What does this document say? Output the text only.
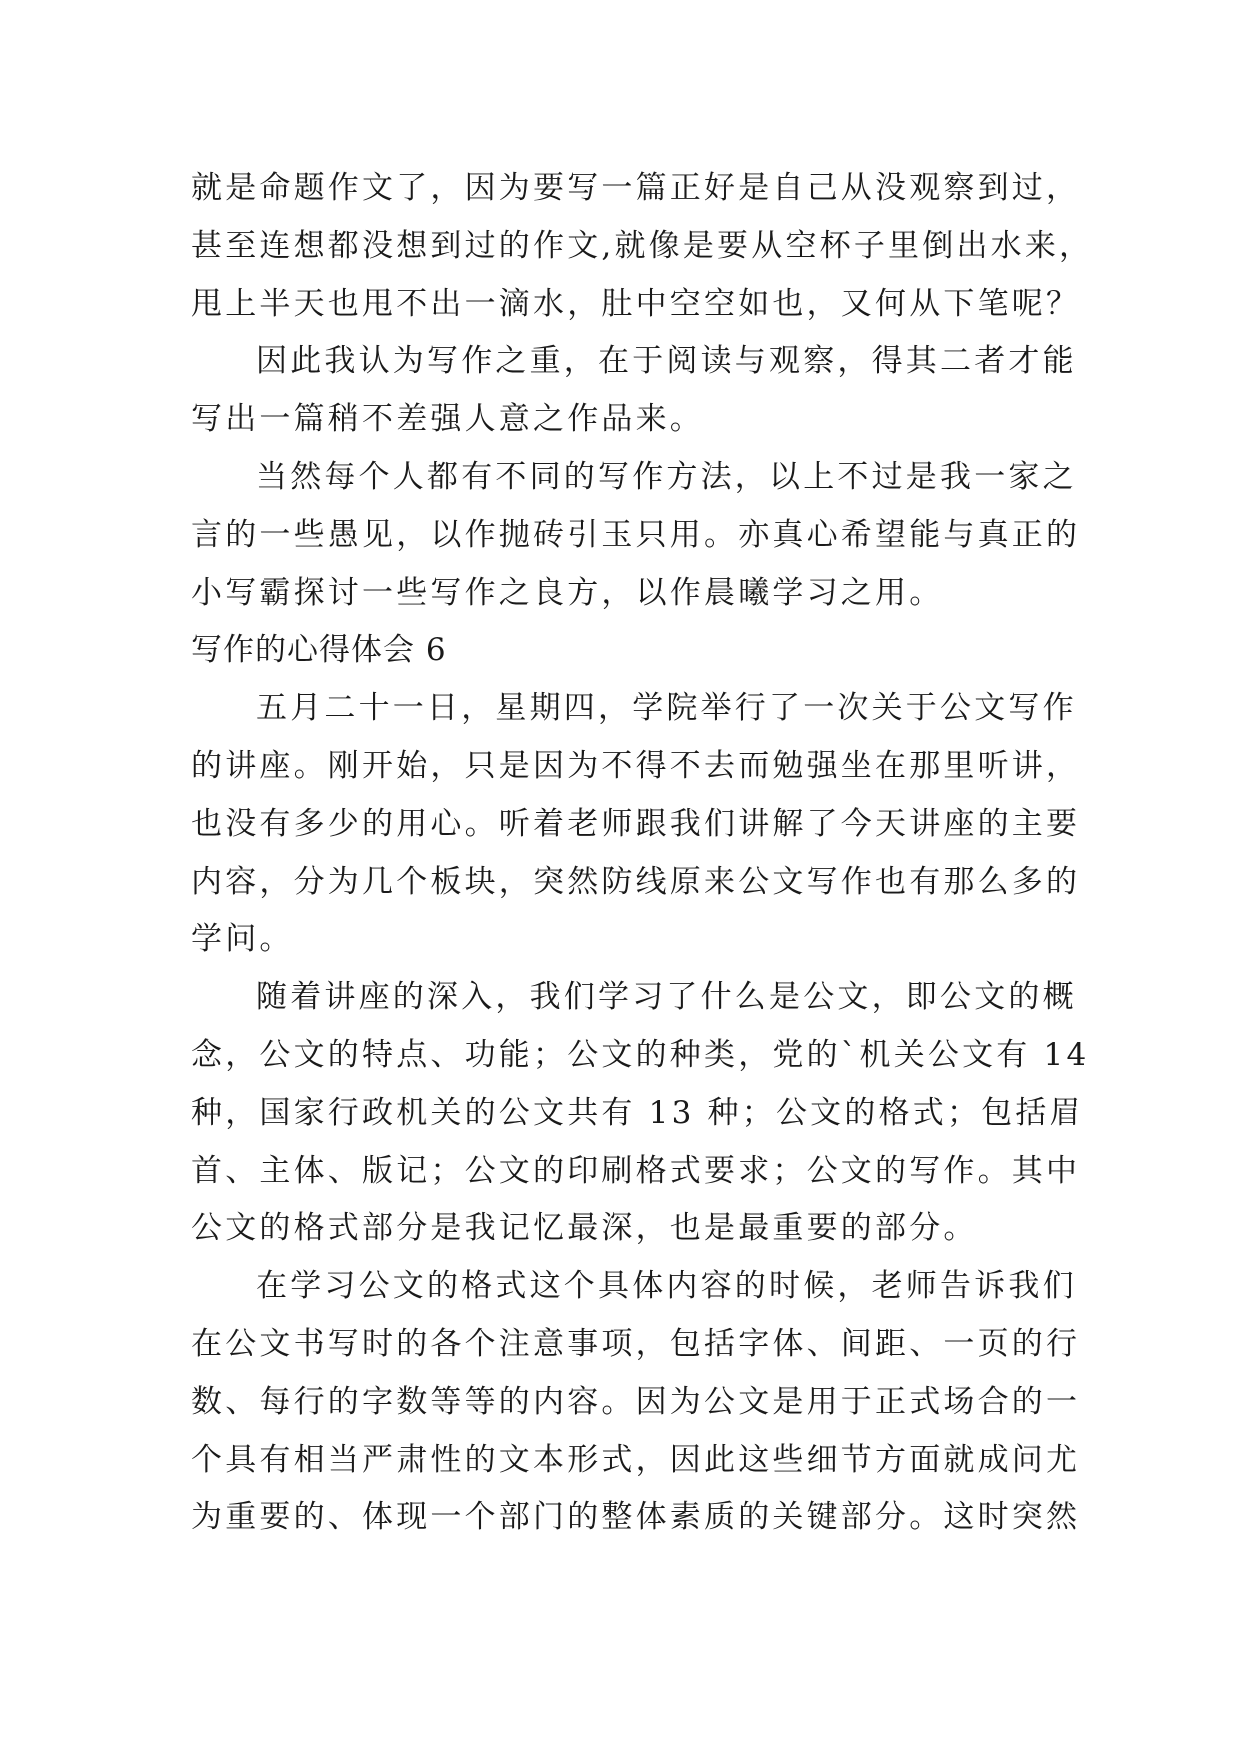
就是命题作文了，因为要写一篇正好是自己从没观察到过，
甚至连想都没想到过的作文,就像是要从空杯子里倒出水来，
甩上半天也甩不出一滴水，肚中空空如也，又何从下笔呢？
因此我认为写作之重，在于阅读与观察，得其二者才能
写出一篇稍不差强人意之作品来。
当然每个人都有不同的写作方法，以上不过是我一家之
言的一些愚见，以作抛砖引玉只用。亦真心希望能与真正的
小写霸探讨一些写作之良方，以作晨曦学习之用。
写作的心得体会 6
五月二十一日，星期四，学院举行了一次关于公文写作
的讲座。刚开始，只是因为不得不去而勉强坐在那里听讲，
也没有多少的用心。听着老师跟我们讲解了今天讲座的主要
内容，分为几个板块，突然防线原来公文写作也有那么多的
学问。
随着讲座的深入，我们学习了什么是公文，即公文的概
念，公文的特点、功能；公文的种类，党的`机关公文有 14
种，国家行政机关的公文共有 13 种；公文的格式；包括眉
首、主体、版记；公文的印刷格式要求；公文的写作。其中
公文的格式部分是我记忆最深，也是最重要的部分。
在学习公文的格式这个具体内容的时候，老师告诉我们
在公文书写时的各个注意事项，包括字体、间距、一页的行
数、每行的字数等等的内容。因为公文是用于正式场合的一
个具有相当严肃性的文本形式，因此这些细节方面就成问尤
为重要的、体现一个部门的整体素质的关键部分。这时突然
